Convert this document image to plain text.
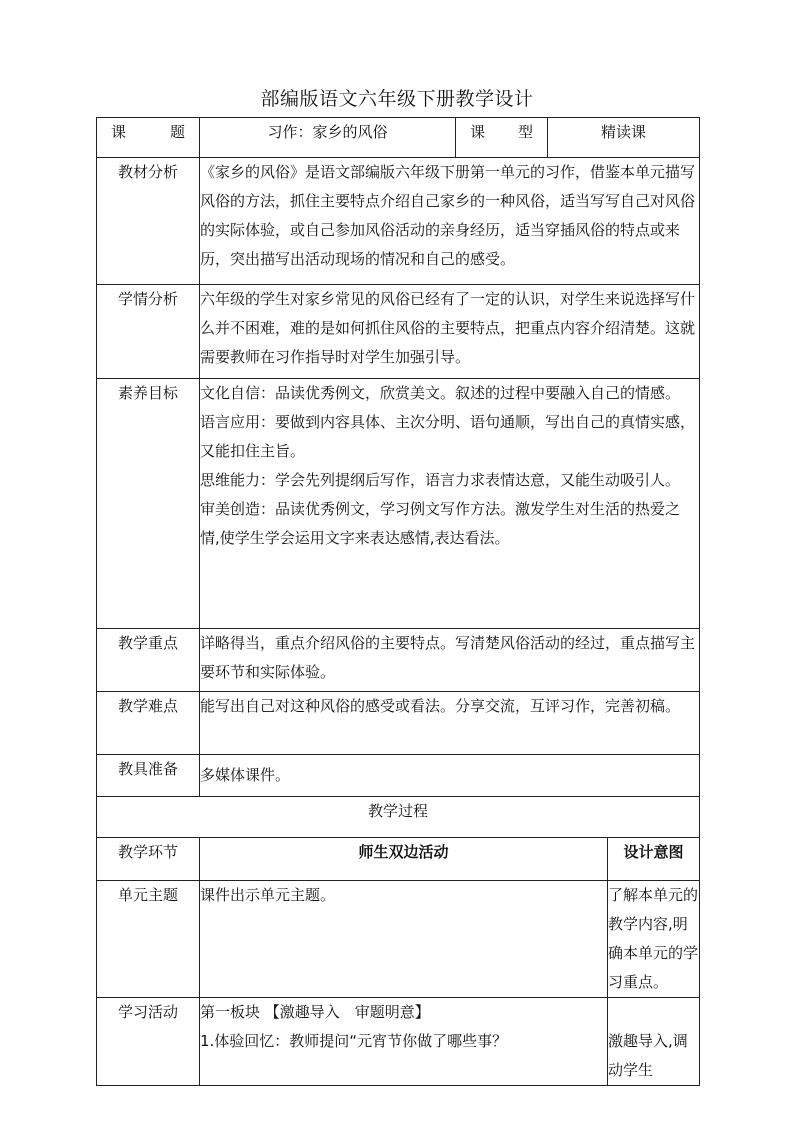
部编版语文六年级下册教学设计
课　　题	习作：家乡的风俗	课　　型	精读课	
教材分析	《家乡的风俗》是语文部编版六年级下册第一单元的习作，借鉴本单元描写风俗的方法，抓住主要特点介绍自己家乡的一种风俗，适当写写自己对风俗的实际体验，或自己参加风俗活动的亲身经历，适当穿插风俗的特点或来历，突出描写出活动现场的情况和自己的感受。			
学情分析	六年级的学生对家乡常见的风俗已经有了一定的认识，对学生来说选择写什么并不困难，难的是如何抓住风俗的主要特点，把重点内容介绍清楚。这就需要教师在习作指导时对学生加强引导。			
素养目标	文化自信：品读优秀例文，欣赏美文。叙述的过程中要融入自己的情感。
语言应用：要做到内容具体、主次分明、语句通顺，写出自己的真情实感，又能扣住主旨。
思维能力：学会先列提纲后写作，语言力求表情达意，又能生动吸引人。
审美创造：品读优秀例文，学习例文写作方法。激发学生对生活的热爱之情,使学生学会运用文字来表达感情,表达看法。			

教学重点	详略得当，重点介绍风俗的主要特点。写清楚风俗活动的经过，重点描写主要环节和实际体验。			
教学难点	能写出自己对这种风俗的感受或看法。分享交流，互评习作，完善初稿。			
教具准备	多媒体课件。			
教学过程				
教学环节	师生双边活动			设计意图
单元主题	课件出示单元主题。			了解本单元的教学内容,明确本单元的学习重点。
学习活动	第一板块 【激趣导入　审题明意】
1.体验回忆：教师提问“元宵节你做了哪些事？			激趣导入,调动学生
